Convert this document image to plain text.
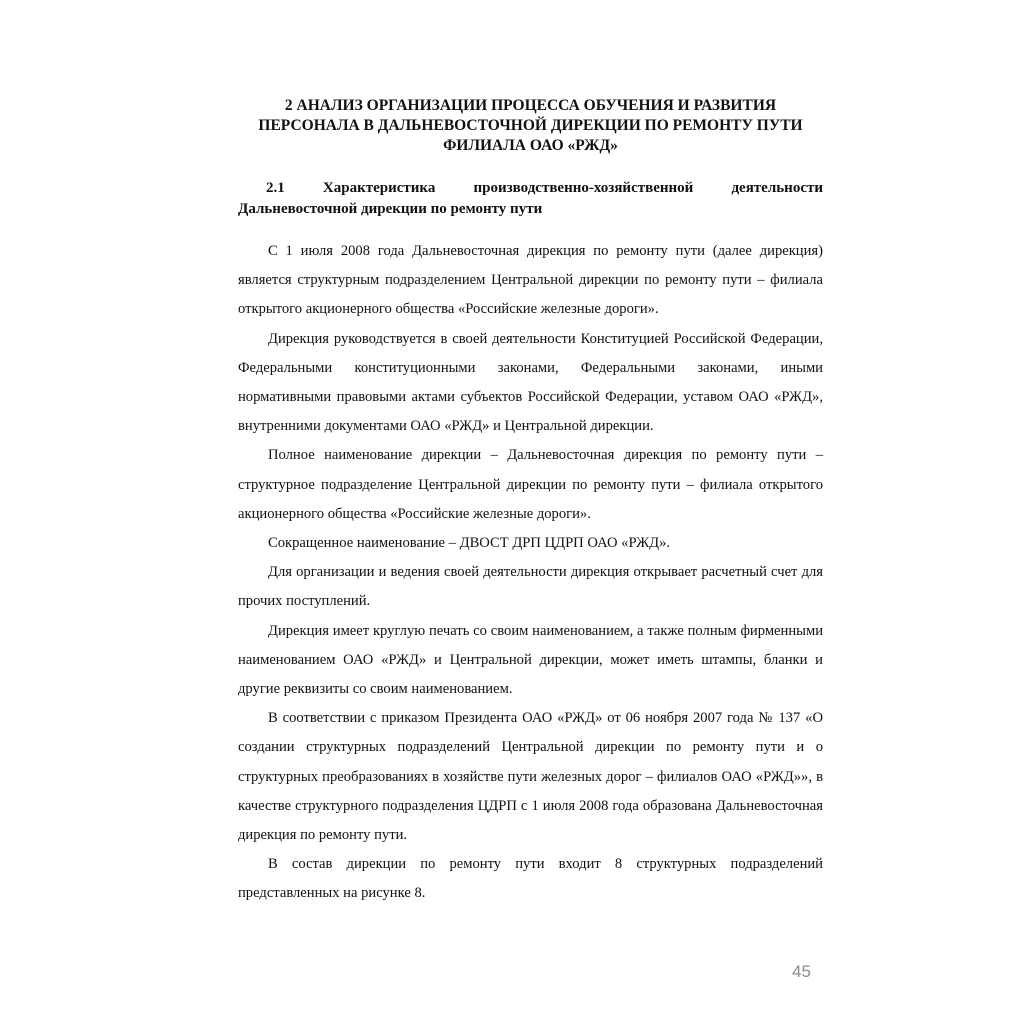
2 АНАЛИЗ ОРГАНИЗАЦИИ ПРОЦЕССА ОБУЧЕНИЯ И РАЗВИТИЯ ПЕРСОНАЛА В ДАЛЬНЕВОСТОЧНОЙ ДИРЕКЦИИ ПО РЕМОНТУ ПУТИ ФИЛИАЛА ОАО «РЖД»
2.1 Характеристика производственно-хозяйственной деятельности Дальневосточной дирекции по ремонту пути

С 1 июля 2008 года Дальневосточная дирекция по ремонту пути (далее дирекция) является структурным подразделением Центральной дирекции по ремонту пути – филиала открытого акционерного общества «Российские железные дороги».

Дирекция руководствуется в своей деятельности Конституцией Российской Федерации, Федеральными конституционными законами, Федеральными законами, иными нормативными правовыми актами субъектов Российской Федерации, уставом ОАО «РЖД», внутренними документами ОАО «РЖД» и Центральной дирекции.

Полное наименование дирекции – Дальневосточная дирекция по ремонту пути – структурное подразделение Центральной дирекции по ремонту пути – филиала открытого акционерного общества «Российские железные дороги».

Сокращенное наименование – ДВОСТ ДРП ЦДРП ОАО «РЖД».

Для организации и ведения своей деятельности дирекция открывает расчетный счет для прочих поступлений.

Дирекция имеет круглую печать со своим наименованием, а также полным фирменными наименованием ОАО «РЖД» и Центральной дирекции, может иметь штампы, бланки и другие реквизиты со своим наименованием.

В соответствии с приказом Президента ОАО «РЖД» от 06 ноября 2007 года № 137 «О создании структурных подразделений Центральной дирекции по ремонту пути и о структурных преобразованиях в хозяйстве пути железных дорог – филиалов ОАО «РЖД»», в качестве структурного подразделения ЦДРП с 1 июля 2008 года образована Дальневосточная дирекция по ремонту пути.

В состав дирекции по ремонту пути входит 8 структурных подразделений представленных на рисунке 8.

45
